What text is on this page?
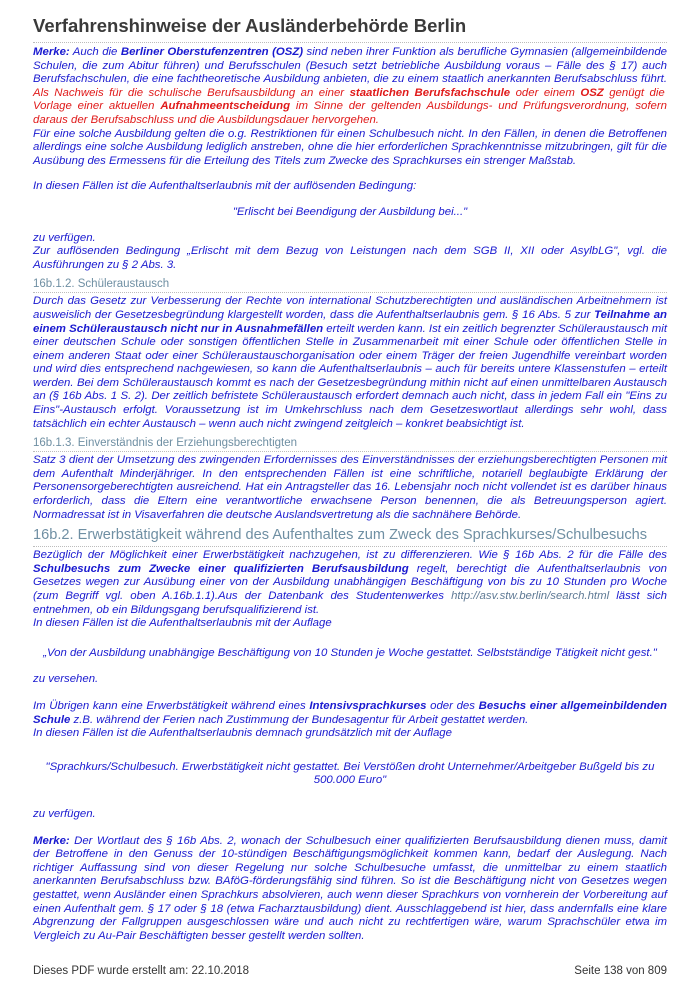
Verfahrenshinweise der Ausländerbehörde Berlin

Merke: Auch die Berliner Oberstufenzentren (OSZ) sind neben ihrer Funktion als berufliche Gymnasien (allgemeinbildende Schulen, die zum Abitur führen) und Berufsschulen (Besuch setzt betriebliche Ausbildung voraus – Fälle des § 17) auch Berufsfachschulen, die eine fachtheoretische Ausbildung anbieten, die zu einem staatlich anerkannten Berufsabschluss führt. Als Nachweis für die schulische Berufsausbildung an einer staatlichen Berufsfachschule oder einem OSZ genügt die Vorlage einer aktuellen Aufnahmeentscheidung im Sinne der geltenden Ausbildungs- und Prüfungsverordnung, sofern daraus der Berufsabschluss und die Ausbildungsdauer hervorgehen.

Für eine solche Ausbildung gelten die o.g. Restriktionen für einen Schulbesuch nicht. In den Fällen, in denen die Betroffenen allerdings eine solche Ausbildung lediglich anstreben, ohne die hier erforderlichen Sprachkenntnisse mitzubringen, gilt für die Ausübung des Ermessens für die Erteilung des Titels zum Zwecke des Sprachkurses ein strenger Maßstab.

In diesen Fällen ist die Aufenthaltserlaubnis mit der auflösenden Bedingung:

"Erlischt bei Beendigung der Ausbildung bei..."

zu verfügen.

Zur auflösenden Bedingung „Erlischt mit dem Bezug von Leistungen nach dem SGB II, XII oder AsylbLG", vgl. die Ausführungen zu § 2 Abs. 3.

16b.1.2. Schüleraustausch

Durch das Gesetz zur Verbesserung der Rechte von international Schutzberechtigten und ausländischen Arbeitnehmern ist ausweislich der Gesetzesbegründung klargestellt worden, dass die Aufenthaltserlaubnis gem. § 16 Abs. 5 zur Teilnahme an einem Schüleraustausch nicht nur in Ausnahmefällen erteilt werden kann. Ist ein zeitlich begrenzter Schüleraustausch mit einer deutschen Schule oder sonstigen öffentlichen Stelle in Zusammenarbeit mit einer Schule oder öffentlichen Stelle in einem anderen Staat oder einer Schüleraustauschorganisation oder einem Träger der freien Jugendhilfe vereinbart worden und wird dies entsprechend nachgewiesen, so kann die Aufenthaltserlaubnis – auch für bereits untere Klassenstufen – erteilt werden. Bei dem Schüleraustausch kommt es nach der Gesetzesbegründung mithin nicht auf einen unmittelbaren Austausch an (§ 16b Abs. 1 S. 2). Der zeitlich befristete Schüleraustausch erfordert demnach auch nicht, dass in jedem Fall ein "Eins zu Eins"-Austausch erfolgt. Voraussetzung ist im Umkehrschluss nach dem Gesetzeswortlaut allerdings sehr wohl, dass tatsächlich ein echter Austausch – wenn auch nicht zwingend zeitgleich – konkret beabsichtigt ist.

16b.1.3. Einverständnis der Erziehungsberechtigten

Satz 3 dient der Umsetzung des zwingenden Erfordernisses des Einverständnisses der erziehungsberechtigten Personen mit dem Aufenthalt Minderjähriger. In den entsprechenden Fällen ist eine schriftliche, notariell beglaubigte Erklärung der Personensorgeberechtigten ausreichend. Hat ein Antragsteller das 16. Lebensjahr noch nicht vollendet ist es darüber hinaus erforderlich, dass die Eltern eine verantwortliche erwachsene Person benennen, die als Betreuungsperson agiert. Normadressat ist in Visaverfahren die deutsche Auslandsvertretung als die sachnähere Behörde.

16b.2. Erwerbstätigkeit während des Aufenthaltes zum Zweck des Sprachkurses/Schulbesuchs

Bezüglich der Möglichkeit einer Erwerbstätigkeit nachzugehen, ist zu differenzieren. Wie § 16b Abs. 2 für die Fälle des Schulbesuchs zum Zwecke einer qualifizierten Berufsausbildung regelt, berechtigt die Aufenthaltserlaubnis von Gesetzes wegen zur Ausübung einer von der Ausbildung unabhängigen Beschäftigung von bis zu 10 Stunden pro Woche (zum Begriff vgl. oben A.16b.1.1).Aus der Datenbank des Studentenwerkes http://asv.stw.berlin/search.html lässt sich entnehmen, ob ein Bildungsgang berufsqualifizierend ist.

In diesen Fällen ist die Aufenthaltserlaubnis mit der Auflage

„Von der Ausbildung unabhängige Beschäftigung von 10 Stunden je Woche gestattet. Selbstständige Tätigkeit nicht gest."

zu versehen.

Im Übrigen kann eine Erwerbstätigkeit während eines Intensivsprachkurses oder des Besuchs einer allgemeinbildenden Schule z.B. während der Ferien nach Zustimmung der Bundesagentur für Arbeit gestattet werden.

In diesen Fällen ist die Aufenthaltserlaubnis demnach grundsätzlich mit der Auflage

"Sprachkurs/Schulbesuch. Erwerbstätigkeit nicht gestattet. Bei Verstößen droht Unternehmer/Arbeitgeber Bußgeld bis zu 500.000 Euro"

zu verfügen.

Merke: Der Wortlaut des § 16b Abs. 2, wonach der Schulbesuch einer qualifizierten Berufsausbildung dienen muss, damit der Betroffene in den Genuss der 10-stündigen Beschäftigungsmöglichkeit kommen kann, bedarf der Auslegung. Nach richtiger Auffassung sind von dieser Regelung nur solche Schulbesuche umfasst, die unmittelbar zu einem staatlich anerkannten Berufsabschluss bzw. BAföG-förderungsfähig sind führen. So ist die Beschäftigung nicht von Gesetzes wegen gestattet, wenn Ausländer einen Sprachkurs absolvieren, auch wenn dieser Sprachkurs von vornherein der Vorbereitung auf einen Aufenthalt gem. § 17 oder § 18 (etwa Facharztausbildung) dient. Ausschlaggebend ist hier, dass andernfalls eine klare Abgrenzung der Fallgruppen ausgeschlossen wäre und auch nicht zu rechtfertigen wäre, warum Sprachschüler etwa im Vergleich zu Au-Pair Beschäftigten besser gestellt werden sollten.

Dieses PDF wurde erstellt am: 22.10.2018	Seite 138 von 809
